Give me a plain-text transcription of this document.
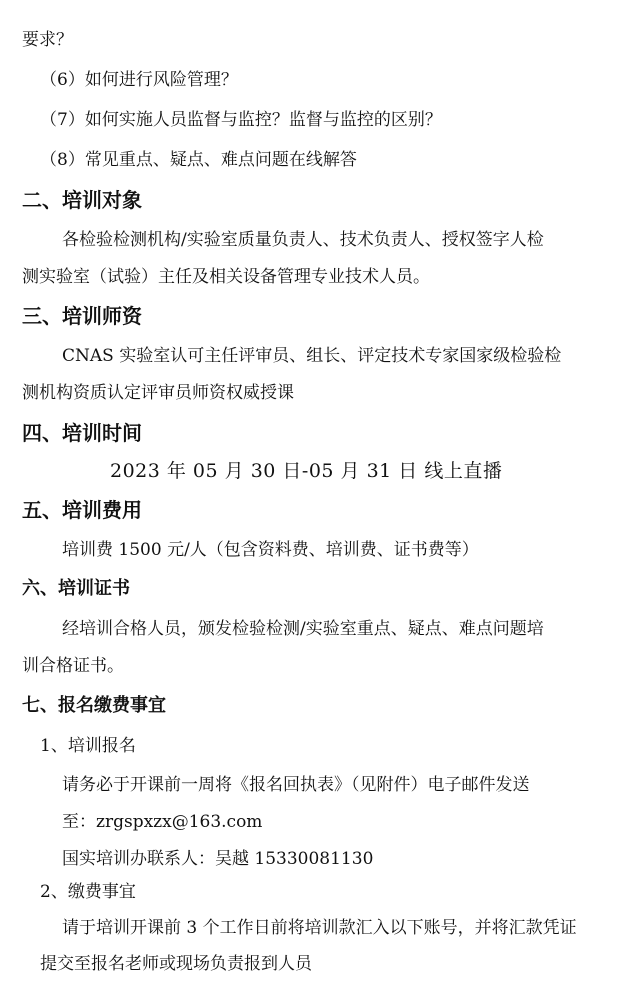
要求？
（6）如何进行风险管理？
（7）如何实施人员监督与监控？监督与监控的区别？
（8）常见重点、疑点、难点问题在线解答
二、培训对象
各检验检测机构/实验室质量负责人、技术负责人、授权签字人检
测实验室（试验）主任及相关设备管理专业技术人员。
三、培训师资
CNAS 实验室认可主任评审员、组长、评定技术专家国家级检验检
测机构资质认定评审员师资权威授课
四、培训时间
2023 年 05 月 30 日-05 月 31 日 线上直播
五、培训费用
培训费 1500 元/人（包含资料费、培训费、证书费等）
六、培训证书
经培训合格人员，颁发检验检测/实验室重点、疑点、难点问题培
训合格证书。
七、报名缴费事宜
1、培训报名
请务必于开课前一周将《报名回执表》（见附件）电子邮件发送
至：zrgspxzx@163.com
国实培训办联系人：吴越 15330081130
2、缴费事宜
请于培训开课前 3 个工作日前将培训款汇入以下账号，并将汇款凭证
提交至报名老师或现场负责报到人员
